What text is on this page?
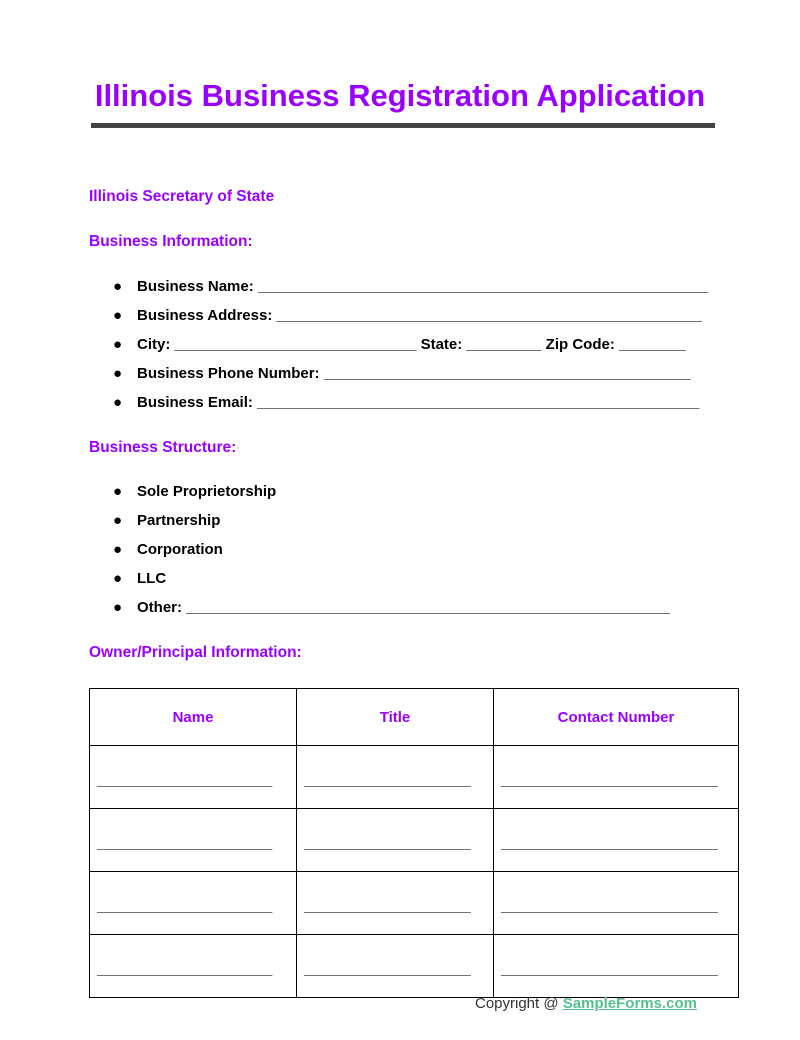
Illinois Business Registration Application

Illinois Secretary of State

Business Information:

● Business Name: ______________________________________________________
● Business Address: ___________________________________________________
● City: _____________________________ State: _________ Zip Code: ________
● Business Phone Number: ____________________________________________
● Business Email: _____________________________________________________

Business Structure:

● Sole Proprietorship
● Partnership
● Corporation
● LLC
● Other: __________________________________________________________

Owner/Principal Information:

Name	Title	Contact Number
_____________________	____________________	__________________________
_____________________	____________________	__________________________
_____________________	____________________	__________________________
_____________________	____________________	__________________________
Copyright @ SampleForms.com
